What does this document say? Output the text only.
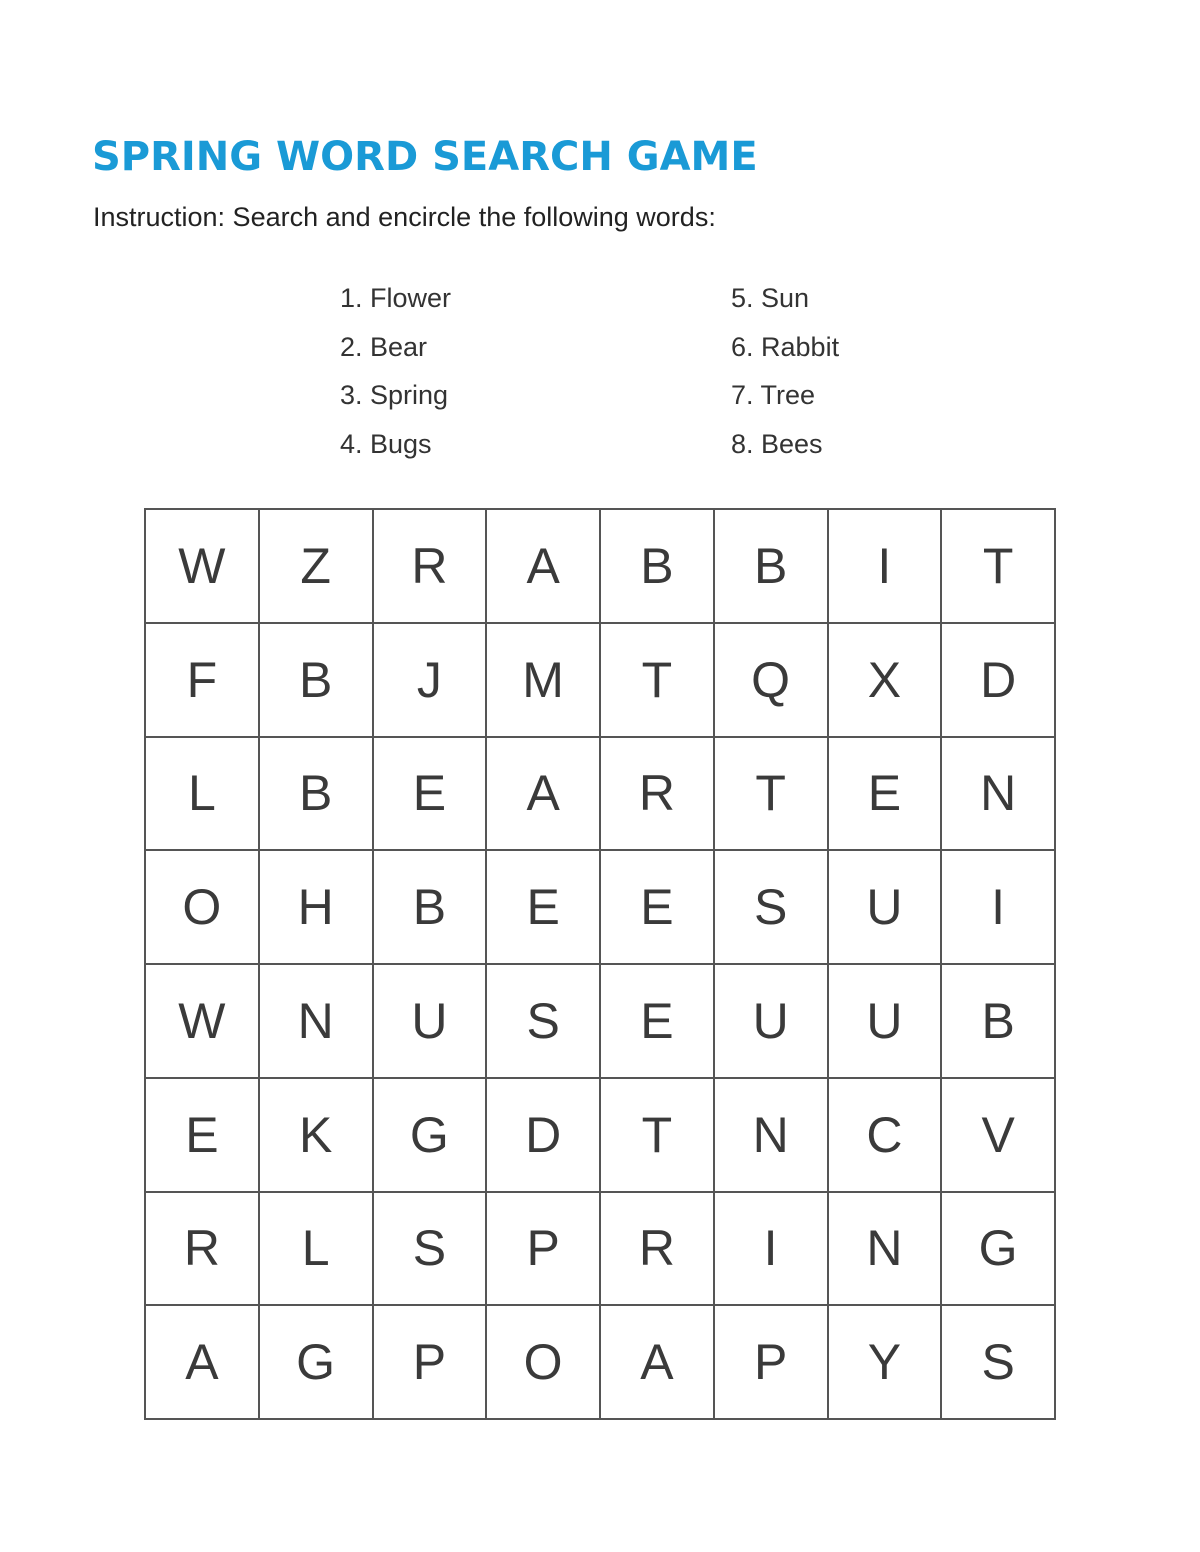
SPRING WORD SEARCH GAME

Instruction: Search and encircle the following words:

1. Flower
2. Bear
3. Spring
4. Bugs
5. Sun
6. Rabbit
7. Tree
8. Bees
W	Z	R	A	B	B	I	T
F	B	J	M	T	Q	X	D
L	B	E	A	R	T	E	N
O	H	B	E	E	S	U	I
W	N	U	S	E	U	U	B
E	K	G	D	T	N	C	V
R	L	S	P	R	I	N	G
A	G	P	O	A	P	Y	S
